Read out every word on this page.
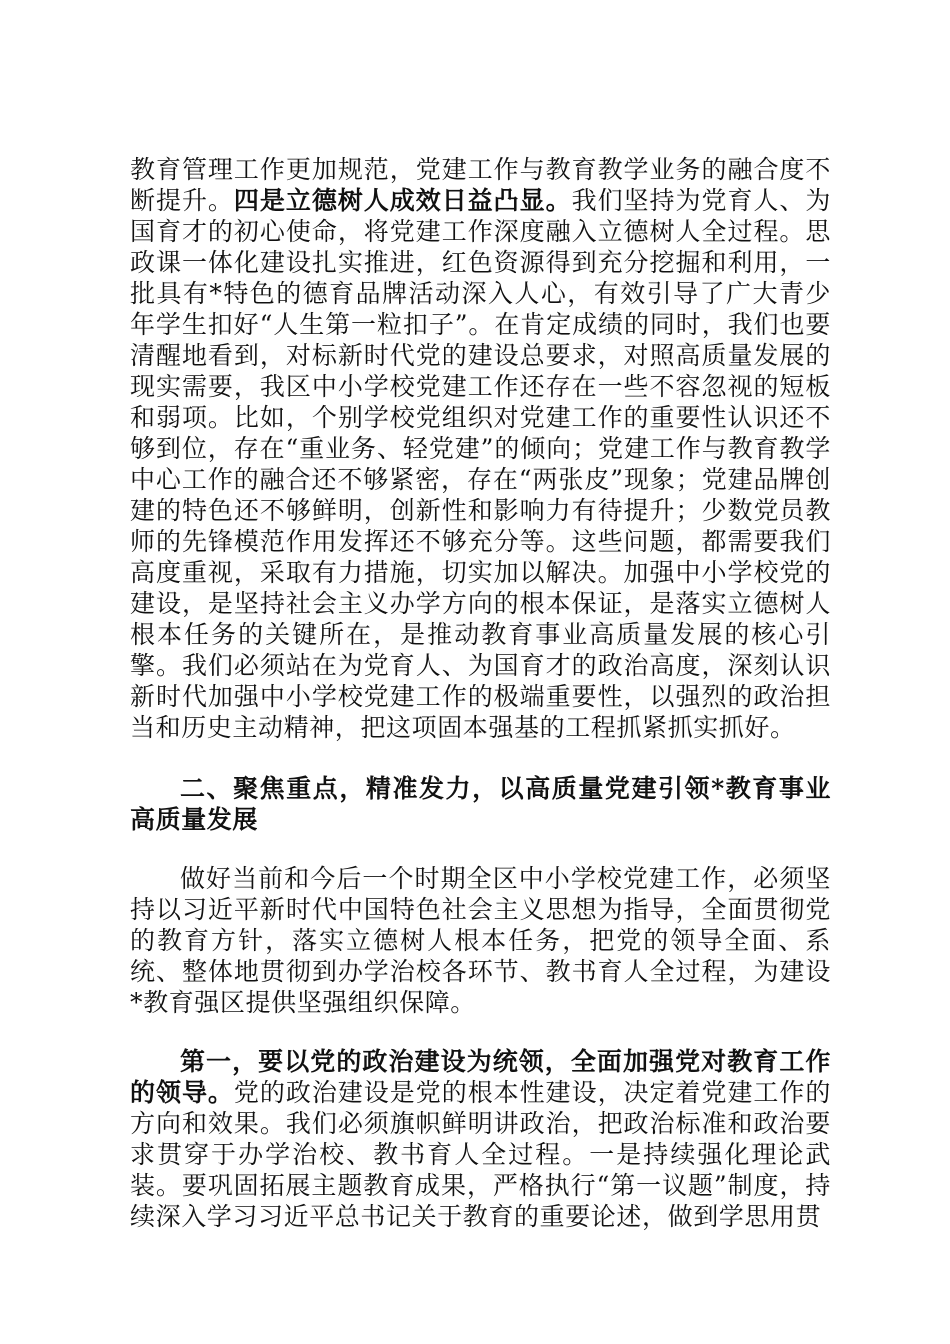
教育管理工作更加规范，党建工作与教育教学业务的融合度不断提升。四是立德树人成效日益凸显。我们坚持为党育人、为国育才的初心使命，将党建工作深度融入立德树人全过程。思政课一体化建设扎实推进，红色资源得到充分挖掘和利用，一批具有*特色的德育品牌活动深入人心，有效引导了广大青少年学生扣好“人生第一粒扣子”。在肯定成绩的同时，我们也要清醒地看到，对标新时代党的建设总要求，对照高质量发展的现实需要，我区中小学校党建工作还存在一些不容忽视的短板和弱项。比如，个别学校党组织对党建工作的重要性认识还不够到位，存在“重业务、轻党建”的倾向；党建工作与教育教学中心工作的融合还不够紧密，存在“两张皮”现象；党建品牌创建的特色还不够鲜明，创新性和影响力有待提升；少数党员教师的先锋模范作用发挥还不够充分等。这些问题，都需要我们高度重视，采取有力措施，切实加以解决。加强中小学校党的建设，是坚持社会主义办学方向的根本保证，是落实立德树人根本任务的关键所在，是推动教育事业高质量发展的核心引擎。我们必须站在为党育人、为国育才的政治高度，深刻认识新时代加强中小学校党建工作的极端重要性，以强烈的政治担当和历史主动精神，把这项固本强基的工程抓紧抓实抓好。

二、聚焦重点，精准发力，以高质量党建引领*教育事业高质量发展

做好当前和今后一个时期全区中小学校党建工作，必须坚持以习近平新时代中国特色社会主义思想为指导，全面贯彻党的教育方针，落实立德树人根本任务，把党的领导全面、系统、整体地贯彻到办学治校各环节、教书育人全过程，为建设*教育强区提供坚强组织保障。

第一，要以党的政治建设为统领，全面加强党对教育工作的领导。党的政治建设是党的根本性建设，决定着党建工作的方向和效果。我们必须旗帜鲜明讲政治，把政治标准和政治要求贯穿于办学治校、教书育人全过程。一是持续强化理论武装。要巩固拓展主题教育成果，严格执行“第一议题”制度，持续深入学习习近平总书记关于教育的重要论述，做到学思用贯
